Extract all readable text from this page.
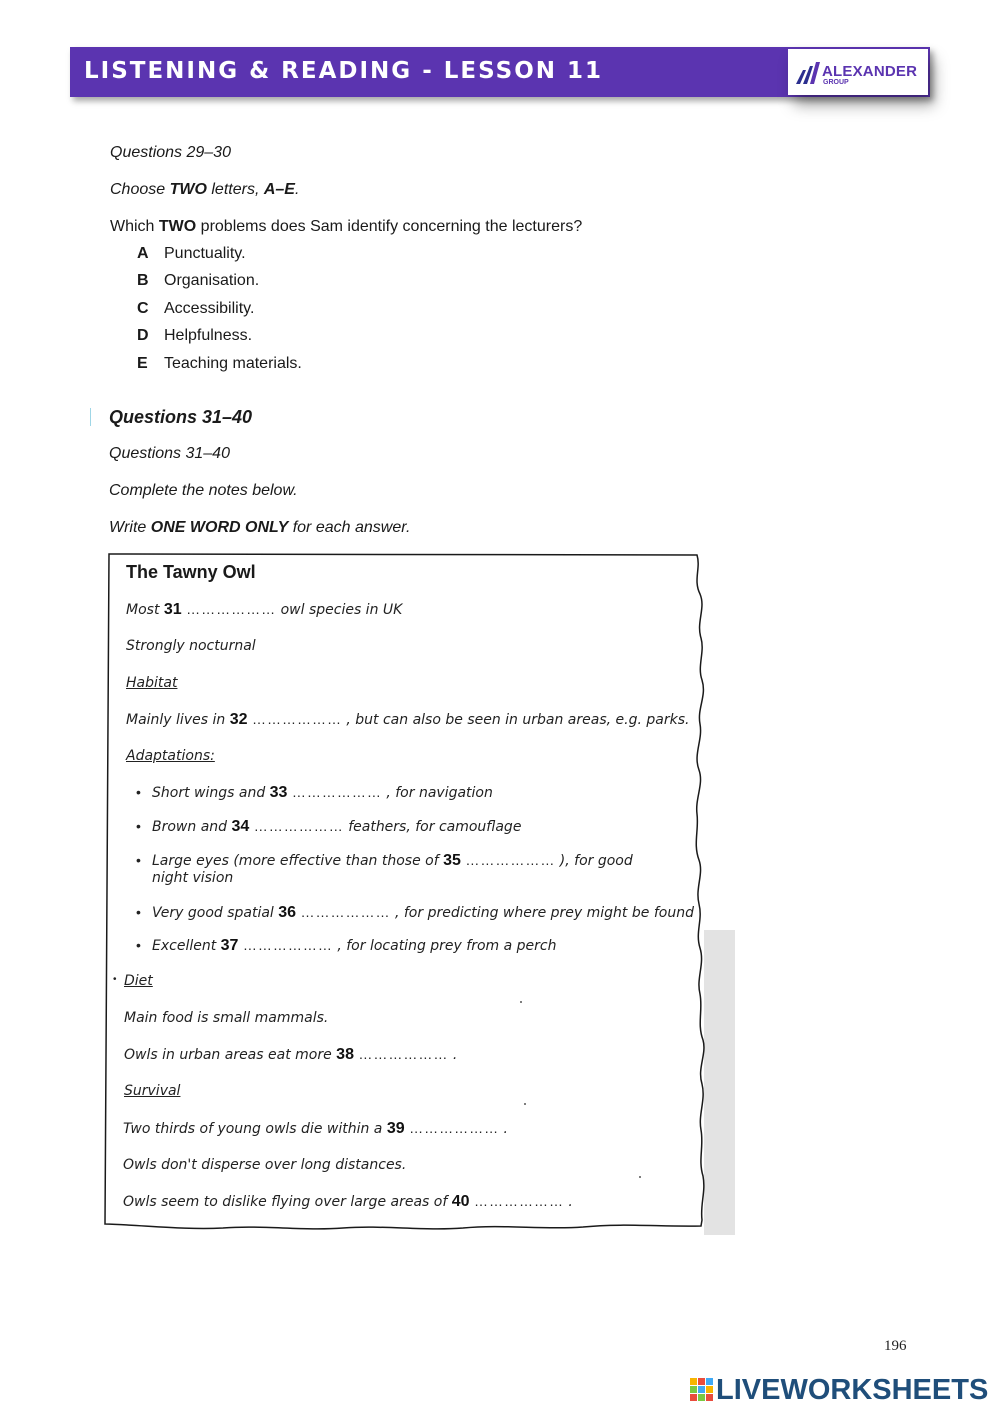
LISTENING & READING - LESSON 11	ALEXANDER
GROUP
Questions 29–30
Choose TWO letters, A–E.
Which TWO problems does Sam identify concerning the lecturers?
A Punctuality.
B Organisation.
C Accessibility.
D Helpfulness.
E Teaching materials.
Questions 31–40
Questions 31–40
Complete the notes below.
Write ONE WORD ONLY for each answer.
The Tawny Owl
Most 31 ……………… owl species in UK
Strongly nocturnal
Habitat
Mainly lives in 32 ……………… , but can also be seen in urban areas, e.g. parks.
Adaptations:
• Short wings and 33 ……………… , for navigation
• Brown and 34 ……………… feathers, for camouflage
• Large eyes (more effective than those of 35 ……………… ), for good
night vision
• Very good spatial 36 ……………… , for predicting where prey might be found
• Excellent 37 ……………… , for locating prey from a perch
• Diet
Main food is small mammals.
Owls in urban areas eat more 38 ……………… .
Survival
Two thirds of young owls die within a 39 ……………… .
Owls don't disperse over long distances.
Owls seem to dislike flying over large areas of 40 ……………… .
196
LIVEWORKSHEETS
